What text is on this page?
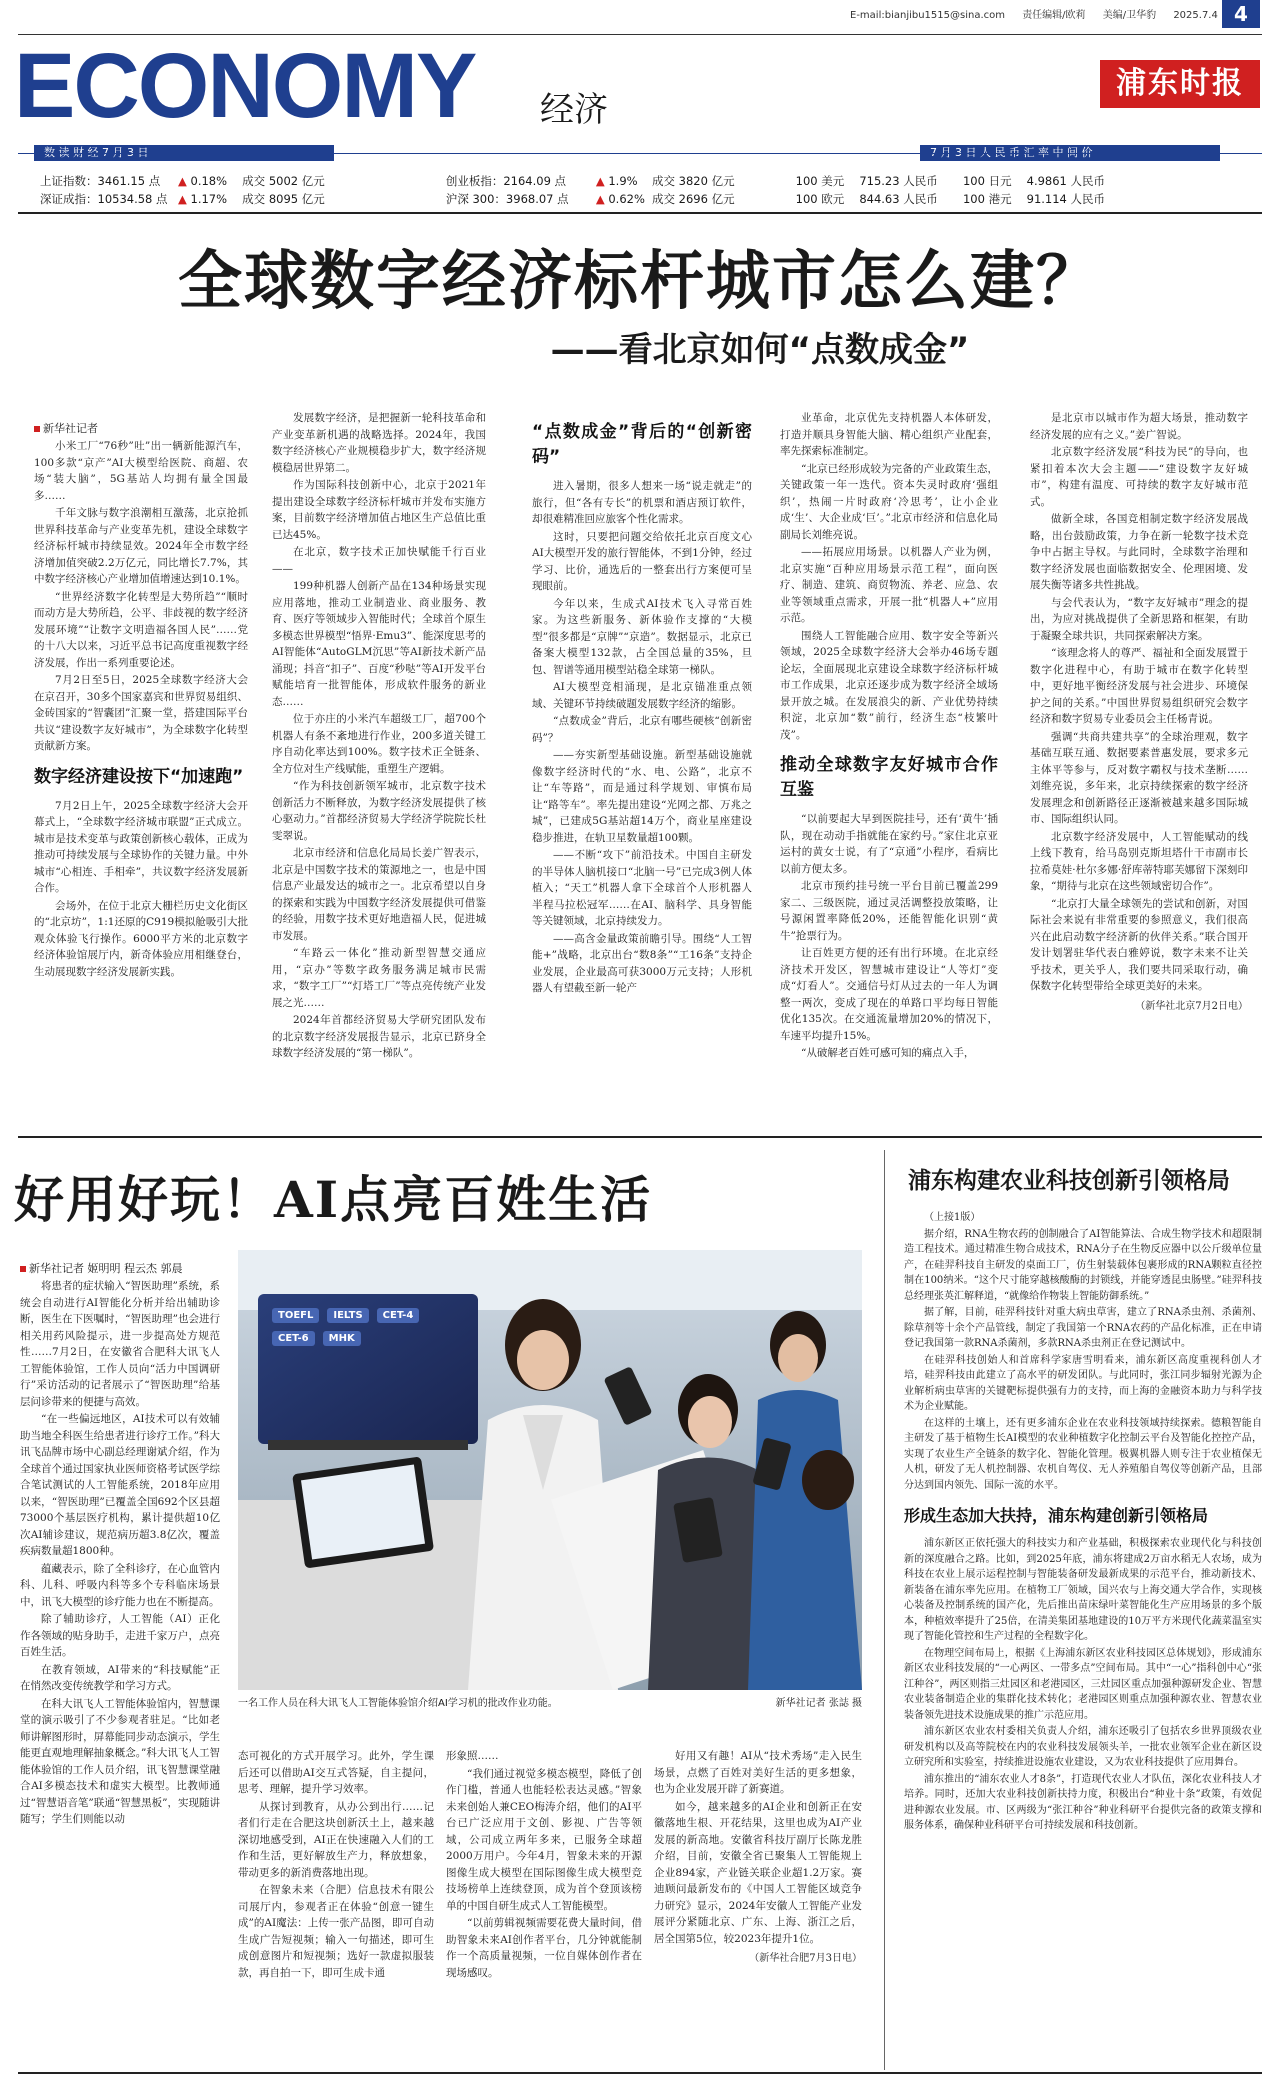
E-mail:bianjibu1515@sina.com 责任编辑/欧莉 美编/卫华豹 2025.7.4 4
ECONOMY 经济
浦东时报
数 读 财 经 7 月 3 日	7 月 3 日 人 民 币 汇 率 中 间 价
上证指数：3461.15 点 ▲ 0.18% 成交 5002 亿元	创业板指：2164.09 点	▲ 1.9% 成交 3820 亿元	100 美元 715.23 人民币 100 日元 4.9861 人民币
深证成指：10534.58 点 ▲ 1.17% 成交 8095 亿元	沪深 300：3968.07 点 ▲ 0.62% 成交 2696 亿元	100 欧元 844.63 人民币 100 港元 91.114 人民币
全球数字经济标杆城市怎么建？
——看北京如何“点数成金”
新华社记者

小米工厂“76秒”吐”出一辆新能源汽车，100多款“京产”AI大模型给医院、商超、农场“装大脑”，5G基站人均拥有量全国最多……

千年文脉与数字浪潮相互激荡，北京抢抓世界科技革命与产业变革先机，建设全球数字经济标杆城市持续显效。2024年全市数字经济增加值突破2.2万亿元，同比增长7.7%，其中数字经济核心产业增加值增速达到10.1%。

“世界经济数字化转型是大势所趋”“顺时而动方是大势所趋，公平、非歧视的数字经济发展环境”“让数字文明造福各国人民”……党的十八大以来，习近平总书记高度重视数字经济发展，作出一系列重要论述。

7月2日至5日，2025全球数字经济大会在京召开，30多个国家嘉宾和世界贸易组织、金砖国家的“智囊团”汇聚一堂，搭建国际平台共议“建设数字友好城市”，为全球数字化转型贡献新方案。

数字经济建设按下“加速跑”

7月2日上午，2025全球数字经济大会开幕式上，“全球数字经济城市联盟”正式成立。城市是技术变革与政策创新核心载体，正成为推动可持续发展与全球协作的关键力量。中外城市“心相连、手相牵”，共议数字经济发展新合作。

会场外，在位于北京大栅栏历史文化街区的“北京坊”，1:1还原的C919模拟舱吸引大批观众体验飞行操作。6000平方米的北京数字经济体验馆展厅内，新奇体验应用相继登台，生动展现数字经济发展新实践。

发展数字经济，是把握新一轮科技革命和产业变革新机遇的战略选择。2024年，我国数字经济核心产业规模稳步扩大，数字经济规模稳居世界第二。

作为国际科技创新中心，北京于2021年提出建设全球数字经济标杆城市并发布实施方案，目前数字经济增加值占地区生产总值比重已达45%。

在北京，数字技术正加快赋能千行百业——

199种机器人创新产品在134种场景实现应用落地，推动工业制造业、商业服务、教育、医疗等领域步入智能时代；全球首个原生多模态世界模型“悟界·Emu3”、能深度思考的AI智能体“AutoGLM沉思”等AI新技术新产品涌现；抖音“扣子”、百度“秒哒”等AI开发平台赋能培育一批智能体，形成软件服务的新业态……

位于亦庄的小米汽车超级工厂，超700个机器人有条不紊地进行作业，200多道关键工序自动化率达到100%。数字技术正全链条、全方位对生产线赋能，重塑生产逻辑。

“作为科技创新领军城市，北京数字技术创新活力不断释放，为数字经济发展提供了核心驱动力。”首都经济贸易大学经济学院院长杜雯翠说。

北京市经济和信息化局局长姜广智表示，北京是中国数字技术的策源地之一，也是中国信息产业最发达的城市之一。北京希望以自身的探索和实践为中国数字经济发展提供可借鉴的经验，用数字技术更好地造福人民，促进城市发展。

“车路云一体化”推动新型智慧交通应用，“京办”等数字政务服务满足城市民需求，“数字工厂”“灯塔工厂”等点亮传统产业发展之光……

2024年首都经济贸易大学研究团队发布的北京数字经济发展报告显示，北京已跻身全球数字经济发展的“第一梯队”。

“点数成金”背后的“创新密码”

进入暑期，很多人想来一场“说走就走”的旅行，但“各有专长”的机票和酒店预订软件，却很难精准回应旅客个性化需求。

这时，只要把问题交给依托北京百度文心AI大模型开发的旅行智能体，不到1分钟，经过学习、比价，通选后的一整套出行方案便可呈现眼前。

今年以来，生成式AI技术飞入寻常百姓家。为这些新服务、新体验作支撑的“大模型”很多都是“京牌”“京造”。数据显示，北京已备案大模型132款，占全国总量的35%，旦包、智谱等通用模型站稳全球第一梯队。

AI大模型竞相涌现，是北京锚准重点领域、关键环节持续破题发展数字经济的缩影。

“点数成金”背后，北京有哪些硬核“创新密码”？

——夯实新型基础设施。新型基础设施就像数字经济时代的“水、电、公路”，北京不让“车等路”，而是通过科学规划、审慎布局让“路等车”。率先提出建设“光网之都、万兆之城”，已建成5G基站超14万个，商业星座建设稳步推进，在轨卫星数量超100颗。

——不断“攻下”前沿技术。中国自主研发的半导体人脑机接口“北脑一号”已完成3例人体植入；“天工”机器人拿下全球首个人形机器人半程马拉松冠军……在AI、脑科学、具身智能等关键领域，北京持续发力。

——高含金量政策前瞻引导。围绕“人工智能+”战略，北京出台“数8条”“工16条”支持企业发展，企业最高可获3000万元支持；人形机器人有望截至新一轮产

业革命，北京优先支持机器人本体研发，打造并顺具身智能大脑、精心组织产业配套，率先探索标准制定。

“北京已经形成较为完备的产业政策生态，关键政策一年一迭代。资本失灵时政府‘强组织’，热闹一片时政府‘冷思考’，让小企业成‘生’、大企业成‘巨’。”北京市经济和信息化局副局长刘维亮说。

——拓展应用场景。以机器人产业为例，北京实施“百种应用场景示范工程”，面向医疗、制造、建筑、商贸物流、养老、应急、农业等领域重点需求，开展一批“机器人+”应用示范。

围绕人工智能融合应用、数字安全等新兴领域，2025全球数字经济大会举办46场专题论坛，全面展现北京建设全球数字经济标杆城市工作成果，北京还逐步成为数字经济全域场景开放之城。在发展浪尖的新、产业优势持续积淀，北京加“数”前行，经济生态“枝繁叶茂”。

推动全球数字友好城市合作互鉴

“以前要起大早到医院挂号，还有‘黄牛’插队，现在动动手指就能在家约号。”家住北京亚运村的黄女士说，有了“京通”小程序，看病比以前方便太多。

北京市预约挂号统一平台目前已覆盖299家二、三级医院，通过灵活调整投放策略，让号源闲置率降低20%，还能智能化识别“黄牛”抢票行为。

让百姓更方便的还有出行环境。在北京经济技术开发区，智慧城市建设让“人等灯”变成“灯看人”。交通信号灯从过去的一年人为调整一两次，变成了现在的单路口平均每日智能优化135次。在交通流量增加20%的情况下，车速平均提升15%。

“从破解老百姓可感可知的痛点入手，

是北京市以城市作为超大场景，推动数字经济发展的应有之义。”姜广智说。

北京数字经济发展“科技为民”的导向，也紧扣着本次大会主题——“建设数字友好城市”，构建有温度、可持续的数字友好城市范式。

做新全球，各国竞相制定数字经济发展战略，出台鼓励政策，力争在新一轮数字技术竞争中占据主导权。与此同时，全球数字治理和数字经济发展也面临数据安全、伦理困境、发展失衡等诸多共性挑战。

与会代表认为，“数字友好城市”理念的提出，为应对挑战提供了全新思路和框架，有助于凝聚全球共识，共同探索解决方案。

“该理念将人的尊严、福祉和全面发展置于数字化进程中心，有助于城市在数字化转型中，更好地平衡经济发展与社会进步、环境保护之间的关系。”中国世界贸易组织研究会数字经济和数字贸易专业委员会主任杨青说。

强调“共商共建共享”的全球治理观，数字基础互联互通、数据要素普惠发展，要求多元主体平等参与，反对数字霸权与技术垄断……刘维亮说，多年来，北京持续探索的数字经济发展理念和创新路径正逐渐被越来越多国际城市、国际组织认同。

北京数字经济发展中，人工智能赋动的线上线下教育，给马岛别克斯坦塔什干市副市长拉希莫娃·杜尔多娜·舒库蒂特耶芙娜留下深刻印象，“期待与北京在这些领域密切合作”。

“北京打大量全球领先的尝试和创新，对国际社会来说有非常重要的参照意义，我们很高兴在此启动数字经济新的伙伴关系。”联合国开发计划署驻华代表白雅婷说，数字未来不让关乎技术，更关乎人，我们要共同采取行动，确保数字化转型带给全球更美好的未来。

（新华社北京7月2日电）
好用好玩！AI点亮百姓生活
新华社记者 姬明明 程云杰 郭晨

将患者的症状输入“智医助理”系统，系统会自动进行AI智能化分析并给出辅助诊断，医生在下医嘱时，“智医助理”也会进行相关用药风险提示，进一步提高处方规范性……7月2日，在安徽省合肥科大讯飞人工智能体验馆，工作人员向“活力中国调研行”采访活动的记者展示了“智医助理”给基层问诊带来的便捷与高效。

“在一些偏远地区，AI技术可以有效辅助当地全科医生给患者进行诊疗工作。”科大讯飞品牌市场中心副总经理谢斌介绍，作为全球首个通过国家执业医师资格考试医学综合笔试测试的人工智能系统，2018年应用以来，“智医助理”已覆盖全国692个区县超73000个基层医疗机构，累计提供超10亿次AI辅诊建议，规范病历超3.8亿次，覆盖疾病数量超1800种。

蕴藏表示，除了全科诊疗，在心血管内科、儿科、呼吸内科等多个专科临床场景中，讯飞大模型的诊疗能力也在不断提高。

除了辅助诊疗，人工智能（AI）正化作各领域的贴身助手，走进千家万户，点亮百姓生活。

在教育领域，AI带来的“科技赋能”正在悄然改变传统教学和学习方式。

在科大讯飞人工智能体验馆内，智慧课堂的演示吸引了不少参观者驻足。“比如老师讲解图形时，屏幕能同步动态演示，学生能更直观地理解抽象概念。”科大讯飞人工智能体验馆的工作人员介绍，讯飞智慧课堂融合AI多模态技术和虚实大模型。比教师通过“智慧语音笔”联通“智慧黑板”，实现随讲随写；学生们则能以动

TOEFL	IELTS	CET-4
CET-6	MHK
一名工作人员在科大讯飞人工智能体验馆介绍AI学习机的批改作业功能。	新华社记者 张誌 摄

态可视化的方式开展学习。此外，学生课后还可以借助AI交互式答疑，自主提问，思考、理解，提升学习效率。

从探讨到教育，从办公到出行……记者们行走在合肥这块创新沃土上，越来越深切地感受到，AI正在快速融入人们的工作和生活，更好解放生产力，释放想象，带动更多的新消费落地出现。

在智象未来（合肥）信息技术有限公司展厅内，参观者正在体验“创意一键生成”的AI魔法：上传一张产品图，即可自动生成广告短视频；输入一句描述，即可生成创意图片和短视频；选好一款虚拟服装款，再自拍一下，即可生成卡通

形象照……

“我们通过视觉多模态模型，降低了创作门槛，普通人也能轻松表达灵感。”智象未来创始人兼CEO梅涛介绍，他们的AI平台已广泛应用于文创、影视、广告等领域，公司成立两年多来，已服务全球超2000万用户。今年4月，智象未来的开源图像生成大模型在国际图像生成大模型竞技场榜单上连续登顶，成为首个登顶该榜单的中国自研生成式人工智能模型。

“以前剪辑视频需要花费大量时间，借助智象未来AI创作者平台，几分钟就能制作一个高质量视频，一位自媒体创作者在现场感叹。

好用又有趣！AI从“技术秀场”走入民生场景，点燃了百姓对美好生活的更多想象，也为企业发展开辟了新赛道。

如今，越来越多的AI企业和创新正在安徽落地生根、开花结果，这里也成为AI产业发展的新高地。安徽省科技厅副厅长陈龙胜介绍，目前，安徽全省已聚集人工智能规上企业894家，产业链关联企业超1.2万家。赛迪顾问最新发布的《中国人工智能区域竞争力研究》显示，2024年安徽人工智能产业发展评分紧随北京、广东、上海、浙江之后，居全国第5位，较2023年提升1位。

（新华社合肥7月3日电）
浦东构建农业科技创新引领格局

（上接1版）

据介绍，RNA生物农药的创制融合了AI智能算法、合成生物学技术和超限制造工程技术。通过精准生物合成技术，RNA分子在生物反应器中以公斤级单位量产，在硅羿科技自主研发的桌面工厂，仿生射装载体包裹形成的RNA颗粒直径控制在100纳米。“这个尺寸能穿越核酸酶的封锁线，并能穿透昆虫肠壁。”硅羿科技总经理张英汇解释道，“就像给作物装上智能防御系统。”

据了解，目前，硅羿科技针对重大病虫草害，建立了RNA杀虫剂、杀菌剂、除草剂等十余个产品管线，制定了我国第一个RNA农药的产品化标准，正在申请登记我国第一款RNA杀菌剂，多款RNA杀虫剂正在登记测试中。

在硅羿科技创始人和首席科学家唐雪明看来，浦东新区高度重视科创人才培，硅羿科技由此建立了高水平的研发团队。与此同时，张江同步辐射光源为企业解析病虫草害的关键靶标提供强有力的支持，而上海的金融资本助力与科学技术为企业赋能。

在这样的土壤上，还有更多浦东企业在农业科技领域持续探索。德粮智能自主研发了基于植物生长AI模型的农业种植数字化控制云平台及智能化控控产品，实现了农业生产全链条的数字化、智能化管理。极翼机器人则专注于农业植保无人机，研发了无人机控制器、农机自驾仪、无人养殖船自驾仪等创新产品，且部分达到国内领先、国际一流的水平。

形成生态加大扶持，浦东构建创新引领格局

浦东新区正依托强大的科技实力和产业基础，积极探索农业现代化与科技创新的深度融合之路。比如，到2025年底，浦东将建成2万亩水稻无人农场，成为科技在农业上展示运程控制与智能装备研发最新成果的示范平台，推动新技术、新装备在浦东率先应用。在植物工厂领域，国兴农与上海交通大学合作，实现核心装备及控制系统的国产化，先后推出苗床绿叶菜智能化生产应用场景的多个版本，种植效率提升了25倍，在清美集团基地建设的10万平方米现代化蔬菜温室实现了智能化管控和生产过程的全程数字化。

在物理空间布局上，根据《上海浦东新区农业科技园区总体规划》，形成浦东新区农业科技发展的“一心两区、一带多点”空间布局。其中“一心”指科创中心“张江种谷”，两区则指三灶园区和老港园区，三灶园区重点加强种源研发企业、智慧农业装备制造企业的集群化技术转化；老港园区则重点加强种源农业、智慧农业装备领先进技术设施成果的推广示范应用。

浦东新区农业农村委相关负责人介绍，浦东还吸引了包括农乡世界顶级农业研发机构以及高等院校在内的农业科技发展领头羊，一批农业领军企业在新区设立研究所和实验室，持续推进设施农业建设，又为农业科技提供了应用舞台。

浦东推出的“浦东农业人才8条”，打造现代农业人才队伍，深化农业科技人才培养。同时，还加大农业科技创新扶持力度，积极出台“种业十条”政策，有效促进种源农业发展。市、区两级为“张江种谷”种业科研平台提供完备的政策支撑和服务体系，确保种业科研平台可持续发展和科技创新。
